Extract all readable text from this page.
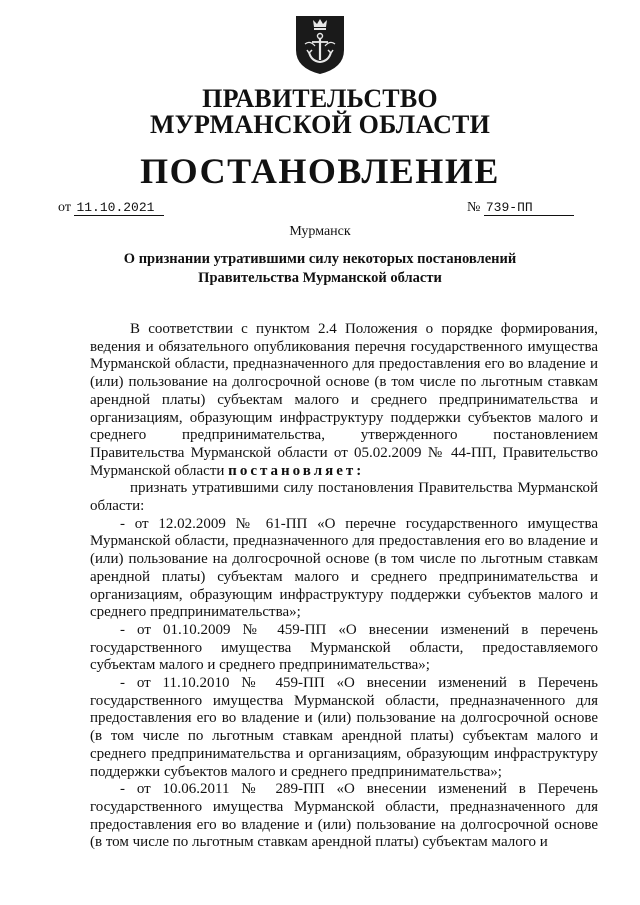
ПРАВИТЕЛЬСТВО
МУРМАНСКОЙ ОБЛАСТИ
ПОСТАНОВЛЕНИЕ
от 11.10.2021	№ 739-ПП
Мурманск
О признании утратившими силу некоторых постановлений
Правительства Мурманской области

В соответствии с пунктом 2.4 Положения о порядке формирования, ведения и обязательного опубликования перечня государственного имущества Мурманской области, предназначенного для предоставления его во владение и (или) пользование на долгосрочной основе (в том числе по льготным ставкам арендной платы) субъектам малого и среднего предпринимательства и организациям, образующим инфраструктуру поддержки субъектов малого и среднего предпринимательства, утвержденного постановлением Правительства Мурманской области от 05.02.2009 № 44-ПП, Правительство Мурманской области постановляет:

признать утратившими силу постановления Правительства Мурманской области:

- от 12.02.2009 № 61-ПП «О перечне государственного имущества Мурманской области, предназначенного для предоставления его во владение и (или) пользование на долгосрочной основе (в том числе по льготным ставкам арендной платы) субъектам малого и среднего предпринимательства и организациям, образующим инфраструктуру поддержки субъектов малого и среднего предпринимательства»;

- от 01.10.2009 № 459-ПП «О внесении изменений в перечень государственного имущества Мурманской области, предоставляемого субъектам малого и среднего предпринимательства»;

- от 11.10.2010 № 459-ПП «О внесении изменений в Перечень государственного имущества Мурманской области, предназначенного для предоставления его во владение и (или) пользование на долгосрочной основе (в том числе по льготным ставкам арендной платы) субъектам малого и среднего предпринимательства и организациям, образующим инфраструктуру поддержки субъектов малого и среднего предпринимательства»;

- от 10.06.2011 № 289-ПП «О внесении изменений в Перечень государственного имущества Мурманской области, предназначенного для предоставления его во владение и (или) пользование на долгосрочной основе (в том числе по льготным ставкам арендной платы) субъектам малого и
